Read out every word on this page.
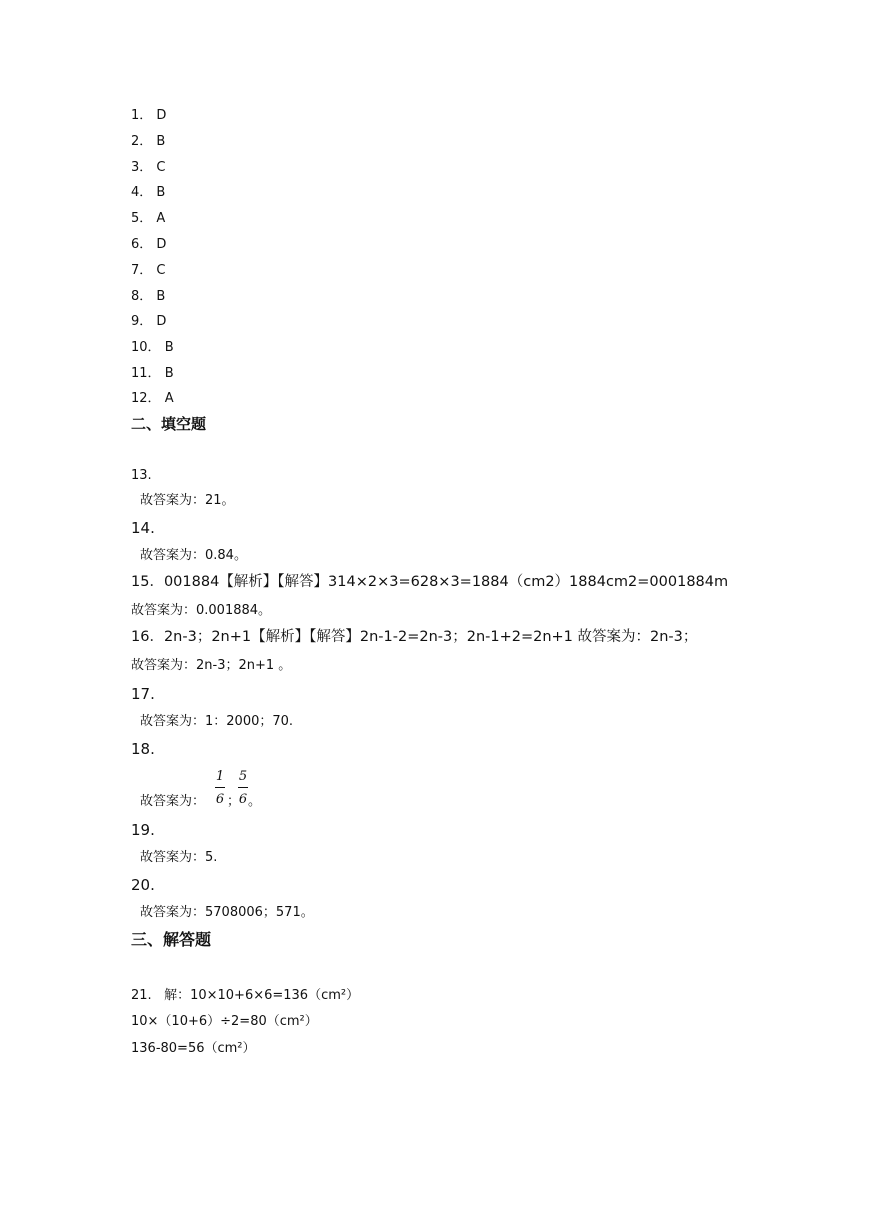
1． D
2． B
3． C
4． B
5． A
6． D
7． C
8． B
9． D
10． B
11． B
12． A
二、填空题
13.
故答案为：21。
14.
故答案为：0.84。
15．001884【解析】【解答】314×2×3=628×3=1884（cm2）1884cm2=0001884m
故答案为：0.001884。
16．2n-3；2n+1【解析】【解答】2n-1-2=2n-3；2n-1+2=2n+1 故答案为：2n-3；
故答案为：2n-3；2n+1 。
17.
故答案为：1：2000；70.
18.
故答案为：
1
6 ；
5
6 。
19.
故答案为：5.
20.
故答案为：5708006；571。
三、解答题
21.   解：10×10+6×6=136（cm²）
10×（10+6）÷2=80（cm²）
136-80=56（cm²）
